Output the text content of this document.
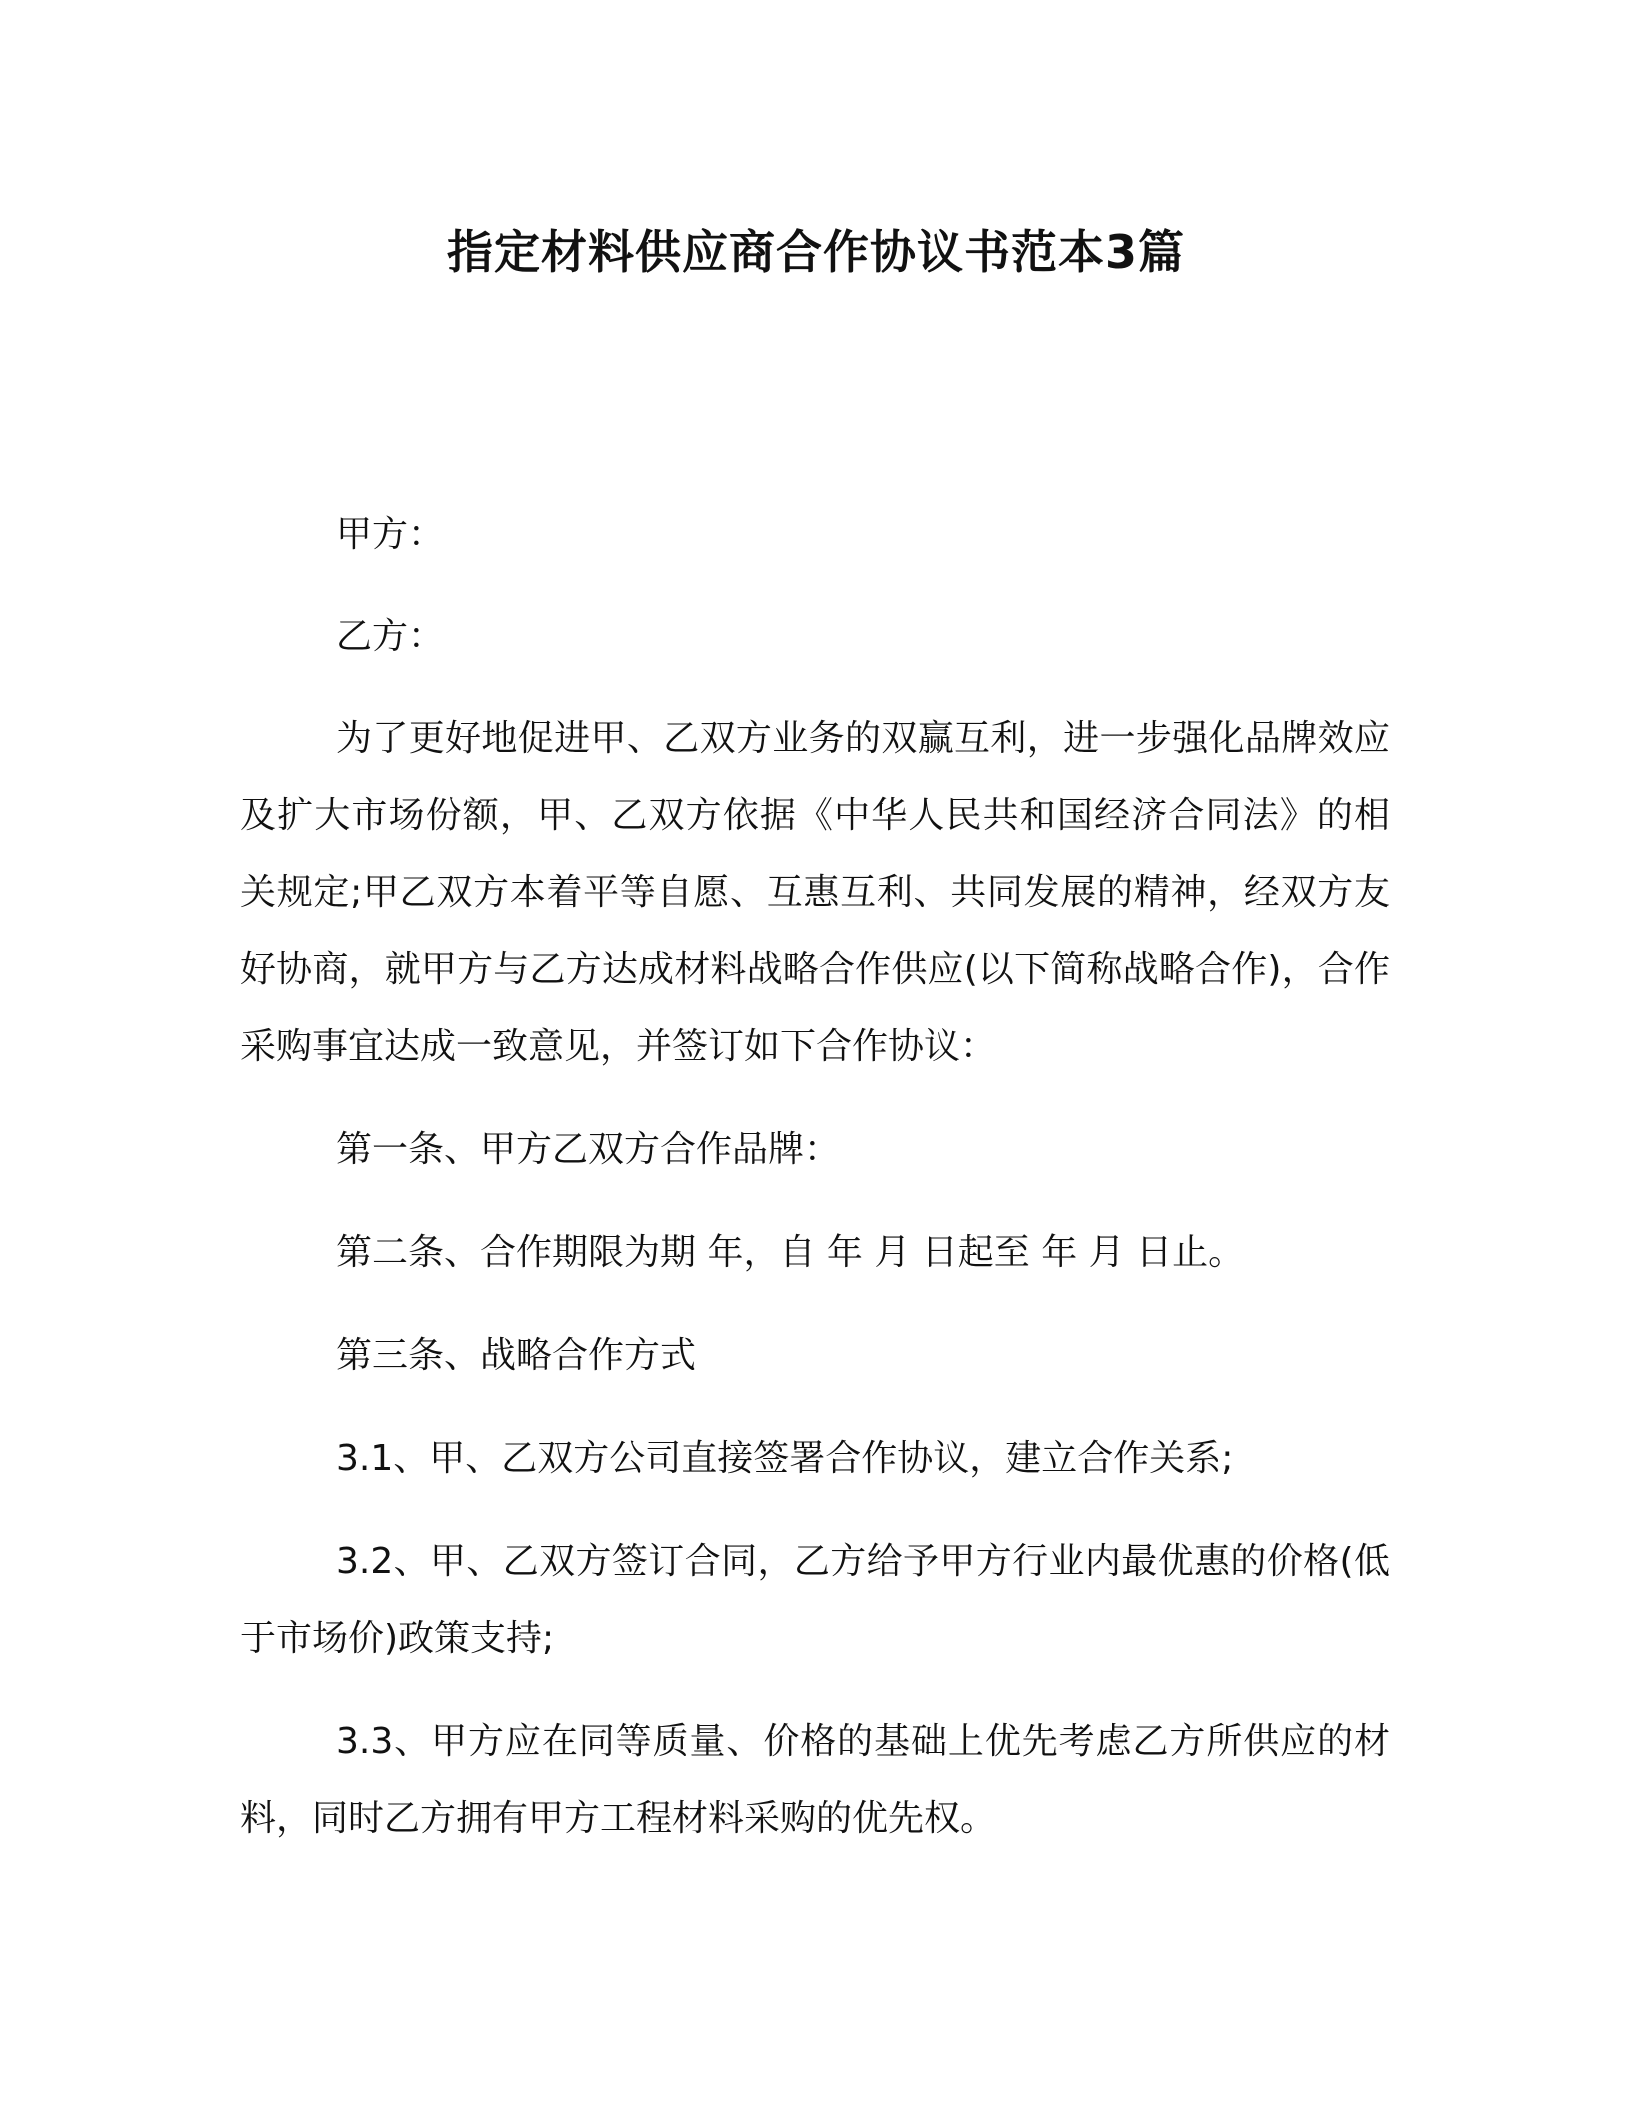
指定材料供应商合作协议书范本3篇

甲方：

乙方：

为了更好地促进甲、乙双方业务的双赢互利，进一步强化品牌效应及扩大市场份额，甲、乙双方依据《中华人民共和国经济合同法》的相关规定;甲乙双方本着平等自愿、互惠互利、共同发展的精神，经双方友好协商，就甲方与乙方达成材料战略合作供应(以下简称战略合作)，合作采购事宜达成一致意见，并签订如下合作协议：

第一条、甲方乙双方合作品牌：

第二条、合作期限为期 年，自 年 月 日起至 年 月 日止。

第三条、战略合作方式

3.1、甲、乙双方公司直接签署合作协议，建立合作关系;

3.2、甲、乙双方签订合同，乙方给予甲方行业内最优惠的价格(低于市场价)政策支持;

3.3、甲方应在同等质量、价格的基础上优先考虑乙方所供应的材料，同时乙方拥有甲方工程材料采购的优先权。
